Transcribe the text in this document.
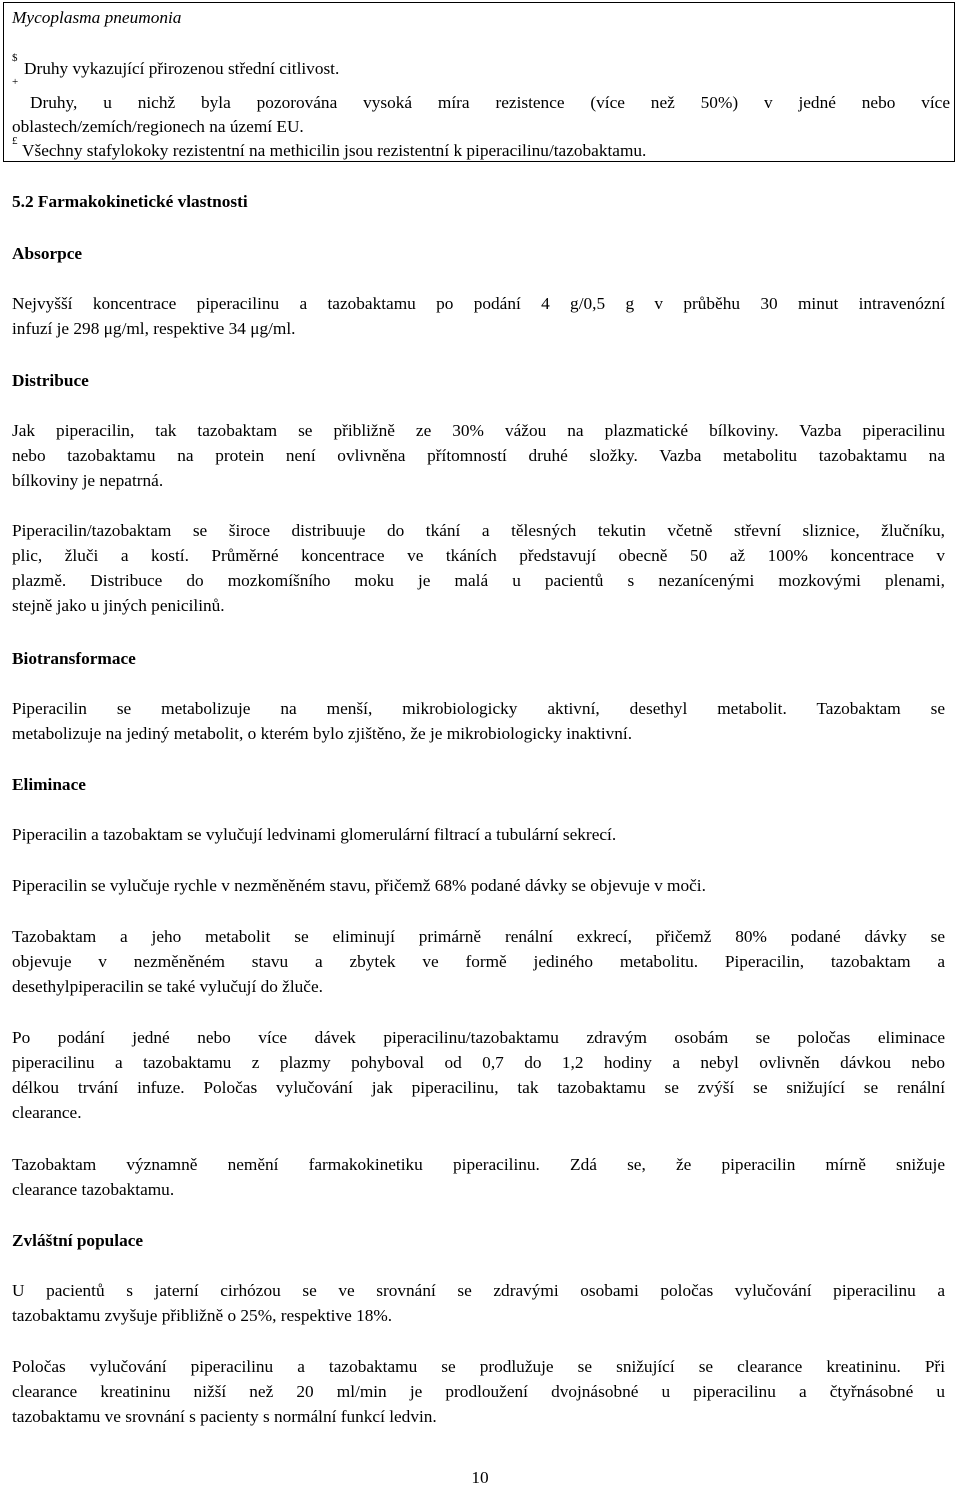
Mycoplasma pneumonia
$
Druhy vykazující přirozenou střední citlivost.
+
Druhy, u nichž byla pozorována vysoká míra rezistence (více než 50%) v jedné nebo více
oblastech/zemích/regionech na území EU.
£ Všechny stafylokoky rezistentní na methicilin jsou rezistentní k piperacilinu/tazobaktamu.
5.2 Farmakokinetické vlastnosti
Absorpce
Nejvyšší koncentrace piperacilinu a tazobaktamu po podání 4 g/0,5 g v průběhu 30 minut intravenózní
infuzí je 298 μg/ml, respektive 34 μg/ml.
Distribuce
Jak piperacilin, tak tazobaktam se přibližně ze 30% vážou na plazmatické bílkoviny. Vazba piperacilinu
nebo tazobaktamu na protein není ovlivněna přítomností druhé složky. Vazba metabolitu tazobaktamu na
bílkoviny je nepatrná.
Piperacilin/tazobaktam se široce distribuuje do tkání a tělesných tekutin včetně střevní sliznice, žlučníku,
plic, žluči a kostí. Průměrné koncentrace ve tkáních představují obecně 50 až 100% koncentrace v
plazmě. Distribuce do mozkomíšního moku je malá u pacientů s nezanícenými mozkovými plenami,
stejně jako u jiných penicilinů.
Biotransformace
Piperacilin se metabolizuje na menší, mikrobiologicky aktivní, desethyl metabolit. Tazobaktam se
metabolizuje na jediný metabolit, o kterém bylo zjištěno, že je mikrobiologicky inaktivní.
Eliminace
Piperacilin a tazobaktam se vylučují ledvinami glomerulární filtrací a tubulární sekrecí.
Piperacilin se vylučuje rychle v nezměněném stavu, přičemž 68% podané dávky se objevuje v moči.
Tazobaktam a jeho metabolit se eliminují primárně renální exkrecí, přičemž 80% podané dávky se
objevuje v nezměněném stavu a zbytek ve formě jediného metabolitu. Piperacilin, tazobaktam a
desethylpiperacilin se také vylučují do žluče.
Po podání jedné nebo více dávek piperacilinu/tazobaktamu zdravým osobám se poločas eliminace
piperacilinu a tazobaktamu z plazmy pohyboval od 0,7 do 1,2 hodiny a nebyl ovlivněn dávkou nebo
délkou trvání infuze. Poločas vylučování jak piperacilinu, tak tazobaktamu se zvýší se snižující se renální
clearance.
Tazobaktam významně nemění farmakokinetiku piperacilinu. Zdá se, že piperacilin mírně snižuje
clearance tazobaktamu.
Zvláštní populace
U pacientů s jaterní cirhózou se ve srovnání se zdravými osobami poločas vylučování piperacilinu a
tazobaktamu zvyšuje přibližně o 25%, respektive 18%.
Poločas vylučování piperacilinu a tazobaktamu se prodlužuje se snižující se clearance kreatininu. Při
clearance kreatininu nižší než 20 ml/min je prodloužení dvojnásobné u piperacilinu a čtyřnásobné u
tazobaktamu ve srovnání s pacienty s normální funkcí ledvin.
10
